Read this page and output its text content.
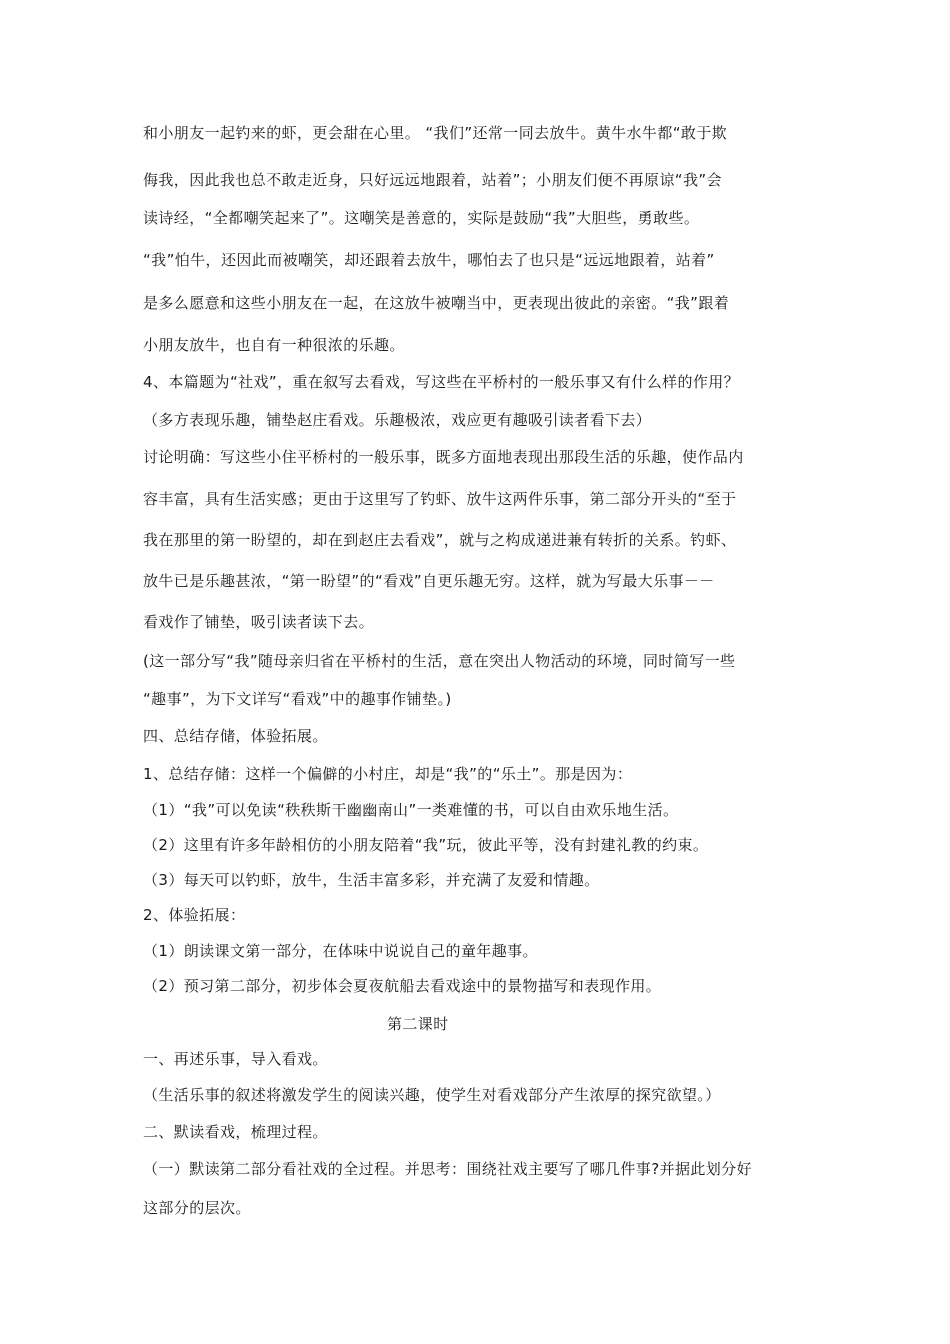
和小朋友一起钓来的虾，更会甜在心里。 “我们”还常一同去放牛。黄牛水牛都“敢于欺
侮我，因此我也总不敢走近身，只好远远地跟着，站着”；小朋友们便不再原谅“我”会
读诗经，“全都嘲笑起来了”。这嘲笑是善意的，实际是鼓励“我”大胆些，勇敢些。
“我”怕牛，还因此而被嘲笑，却还跟着去放牛，哪怕去了也只是“远远地跟着，站着”
是多么愿意和这些小朋友在一起，在这放牛被嘲当中，更表现出彼此的亲密。“我”跟着
小朋友放牛，也自有一种很浓的乐趣。
4、本篇题为“社戏”，重在叙写去看戏，写这些在平桥村的一般乐事又有什么样的作用？
（多方表现乐趣，铺垫赵庄看戏。乐趣极浓，戏应更有趣吸引读者看下去）
讨论明确：写这些小住平桥村的一般乐事，既多方面地表现出那段生活的乐趣，使作品内
容丰富，具有生活实感；更由于这里写了钓虾、放牛这两件乐事，第二部分开头的“至于
我在那里的第一盼望的，却在到赵庄去看戏”，就与之构成递进兼有转折的关系。钓虾、
放牛已是乐趣甚浓，“第一盼望”的“看戏”自更乐趣无穷。这样，就为写最大乐事－－
看戏作了铺垫，吸引读者读下去。
(这一部分写“我”随母亲归省在平桥村的生活，意在突出人物活动的环境，同时简写一些
“趣事”，为下文详写“看戏”中的趣事作铺垫。)
四、总结存储，体验拓展。
1、总结存储：这样一个偏僻的小村庄，却是“我”的“乐土”。那是因为：
（1）“我”可以免读“秩秩斯干幽幽南山”一类难懂的书，可以自由欢乐地生活。
（2）这里有许多年龄相仿的小朋友陪着“我”玩，彼此平等，没有封建礼教的约束。
（3）每天可以钓虾，放牛，生活丰富多彩，并充满了友爱和情趣。
2、体验拓展：
（1）朗读课文第一部分，在体味中说说自己的童年趣事。
（2）预习第二部分，初步体会夏夜航船去看戏途中的景物描写和表现作用。
第二课时
一、再述乐事，导入看戏。
（生活乐事的叙述将激发学生的阅读兴趣，使学生对看戏部分产生浓厚的探究欲望。）
二、默读看戏，梳理过程。
（一）默读第二部分看社戏的全过程。并思考：围绕社戏主要写了哪几件事?并据此划分好
这部分的层次。
